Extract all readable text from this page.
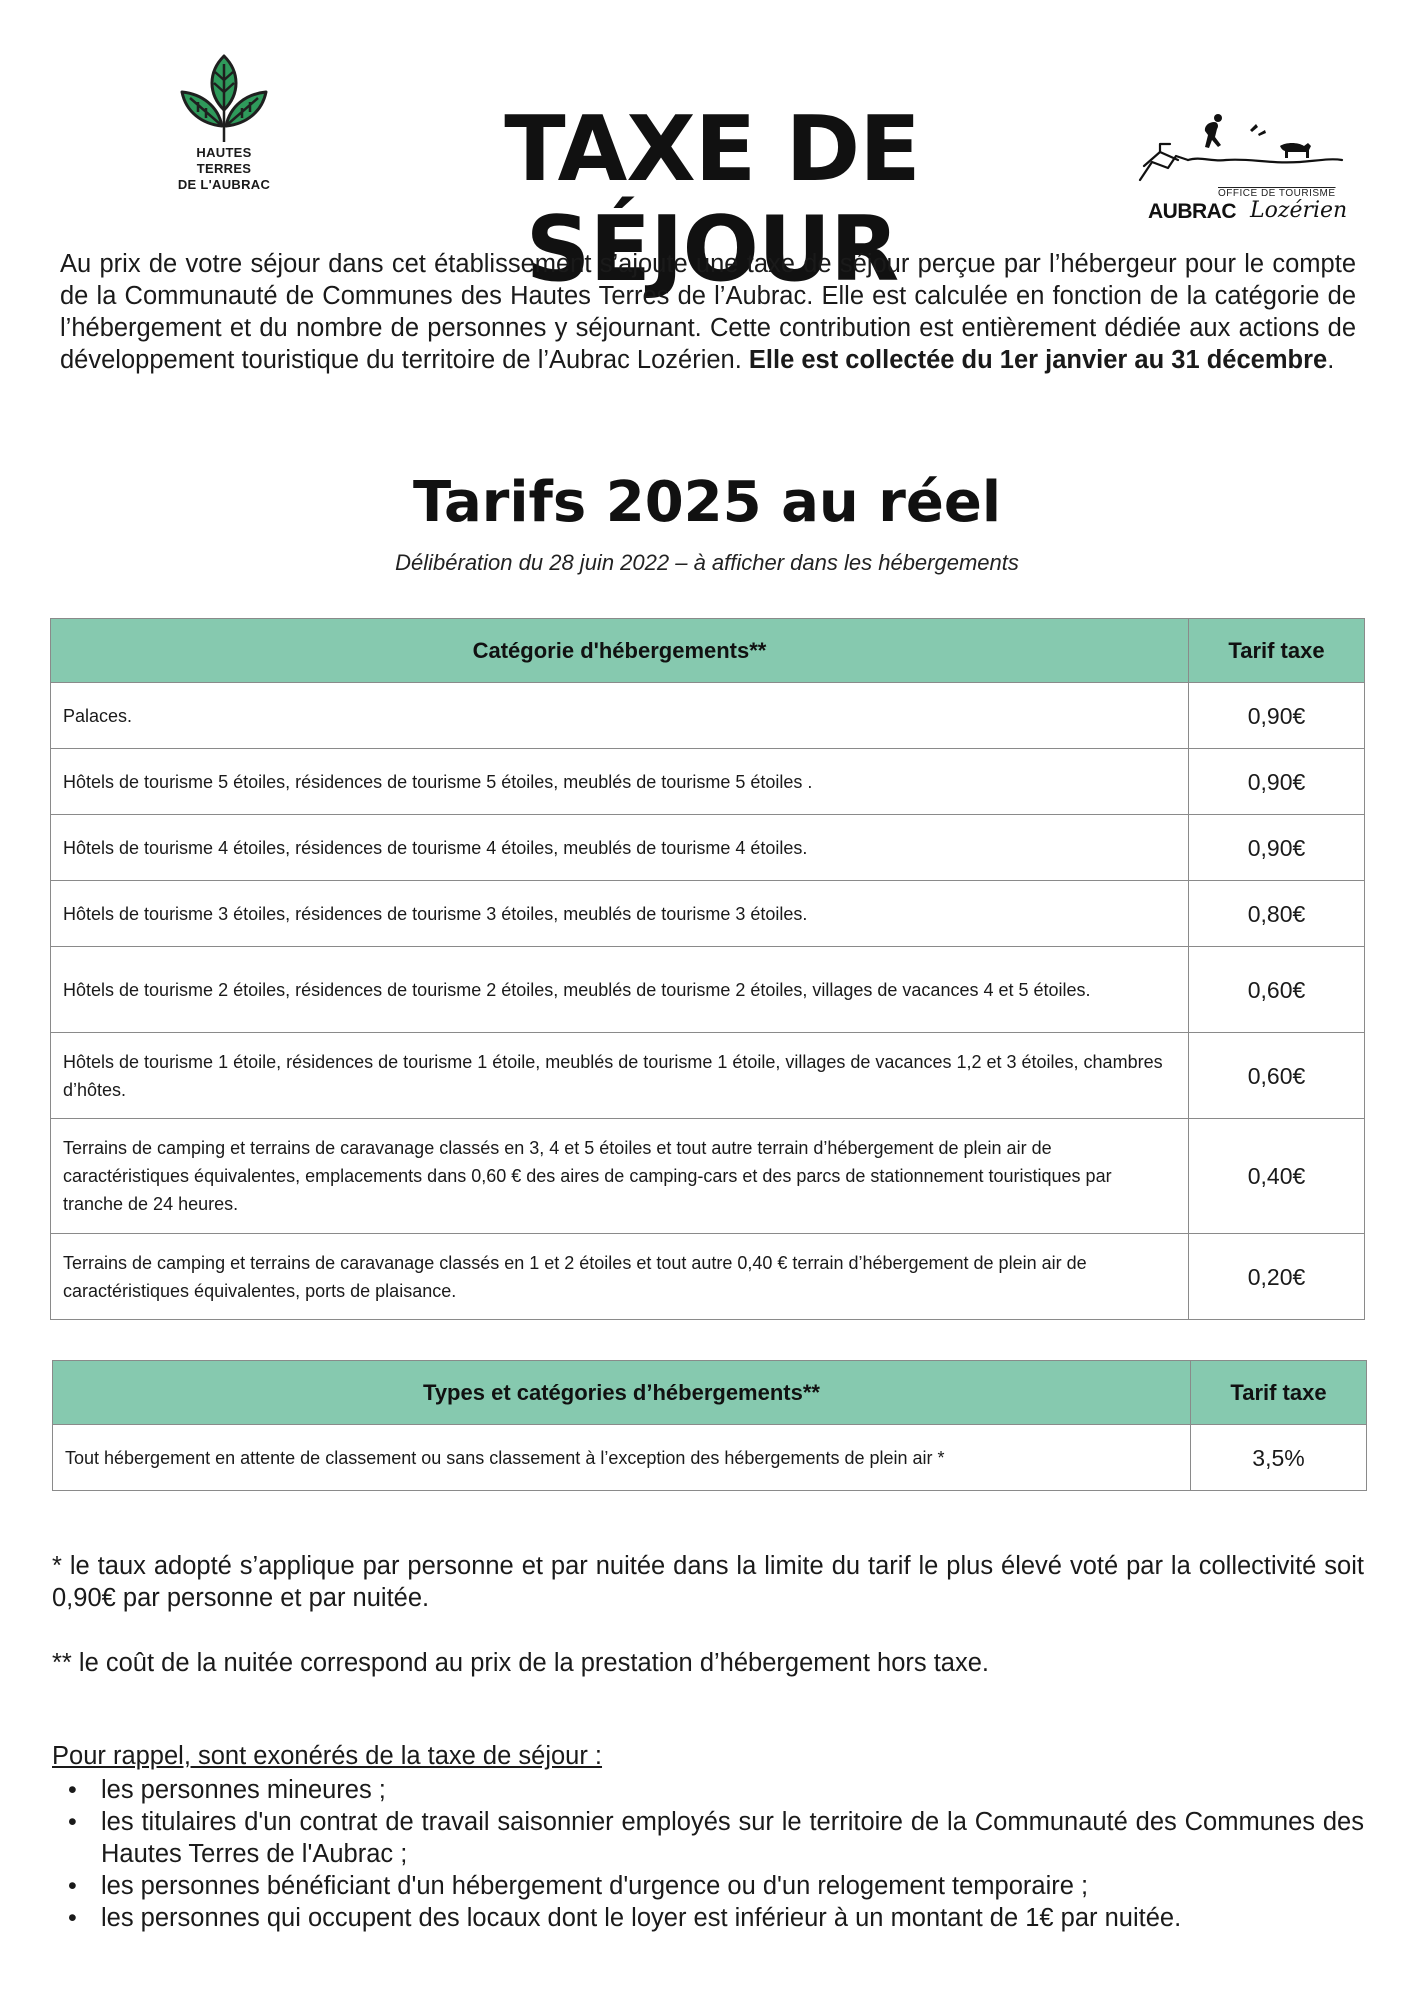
HAUTES TERRES
DE L'AUBRAC	TAXE DE SÉJOUR
OFFICE DE TOURISME
AUBRAC Lozérien
Au prix de votre séjour dans cet établissement s’ajoute une taxe de séjour perçue par l’hébergeur pour le compte de la Communauté de Communes des Hautes Terres de l’Aubrac. Elle est calculée en fonction de la catégorie de l’hébergement et du nombre de personnes y séjournant. Cette contribution est entièrement dédiée aux actions de développement touristique du territoire de l’Aubrac Lozérien. Elle est collectée du 1er janvier au 31 décembre.
Tarifs 2025 au réel
Délibération du 28 juin 2022 – à afficher dans les hébergements
Catégorie d'hébergements**	Tarif taxe
Palaces.	0,90€
Hôtels de tourisme 5 étoiles, résidences de tourisme 5 étoiles, meublés de tourisme 5 étoiles .	0,90€
Hôtels de tourisme 4 étoiles, résidences de tourisme 4 étoiles, meublés de tourisme 4 étoiles.	0,90€
Hôtels de tourisme 3 étoiles, résidences de tourisme 3 étoiles, meublés de tourisme 3 étoiles.	0,80€
Hôtels de tourisme 2 étoiles, résidences de tourisme 2 étoiles, meublés de tourisme 2 étoiles, villages de vacances 4 et 5 étoiles.	0,60€
Hôtels de tourisme 1 étoile, résidences de tourisme 1 étoile, meublés de tourisme 1 étoile, villages de vacances 1,2 et 3 étoiles, chambres d’hôtes.	0,60€
Terrains de camping et terrains de caravanage classés en 3, 4 et 5 étoiles et tout autre terrain d’hébergement de plein air de caractéristiques équivalentes, emplacements dans 0,60 € des aires de camping-cars et des parcs de stationnement touristiques par tranche de 24 heures.	0,40€
Terrains de camping et terrains de caravanage classés en 1 et 2 étoiles et tout autre 0,40 € terrain d’hébergement de plein air de caractéristiques équivalentes, ports de plaisance.	0,20€
Types et catégories d’hébergements**	Tarif taxe
Tout hébergement en attente de classement ou sans classement à l’exception des hébergements de plein air *	3,5%
* le taux adopté s’applique par personne et par nuitée dans la limite du tarif le plus élevé voté par la collectivité soit 0,90€ par personne et par nuitée.
** le coût de la nuitée correspond au prix de la prestation d’hébergement hors taxe.
Pour rappel, sont exonérés de la taxe de séjour :
• les personnes mineures ;
• les titulaires d'un contrat de travail saisonnier employés sur le territoire de la Communauté des Communes des Hautes Terres de l'Aubrac ;
• les personnes bénéficiant d'un hébergement d'urgence ou d'un relogement temporaire ;
• les personnes qui occupent des locaux dont le loyer est inférieur à un montant de 1€ par nuitée.
